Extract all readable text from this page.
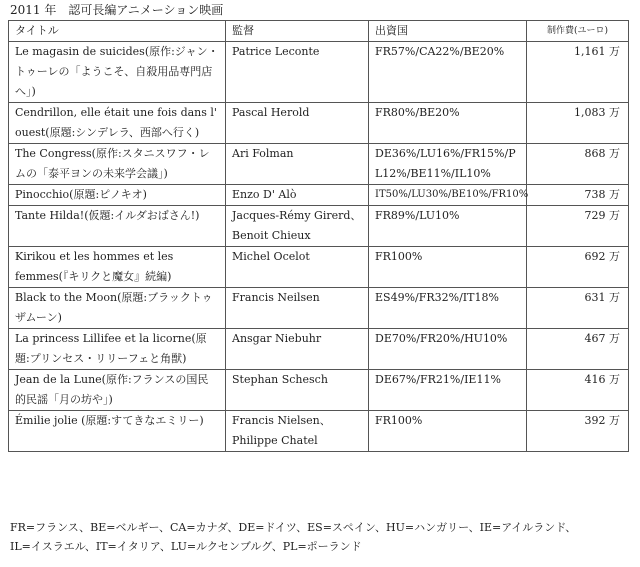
2011 年　認可長編アニメーション映画
タイトル	監督	出資国	制作費(ユーロ)
Le magasin de suicides(原作:ジャン・トゥーレの「ようこそ、自殺用品専門店へ」)	Patrice Leconte	FR57%/CA22%/BE20%	1,161 万
Cendrillon, elle était une fois dans l' ouest(原題:シンデレラ、西部へ行く)	Pascal Herold	FR80%/BE20%	1,083 万
The Congress(原作:スタニスワフ・レムの「泰平ヨンの未来学会議」)	Ari Folman	DE36%/LU16%/FR15%/PL12%/BE11%/IL10%	868 万
Pinocchio(原題:ピノキオ)	Enzo D' Alò	IT50%/LU30%/BE10%/FR10%	738 万
Tante Hilda!(仮題:イルダおばさん!)	Jacques-Rémy Girerd、Benoit Chieux	FR89%/LU10%	729 万
Kirikou et les hommes et les femmes(『キリクと魔女』続編)	Michel Ocelot	FR100%	692 万
Black to the Moon(原題:ブラックトゥザムーン)	Francis Neilsen	ES49%/FR32%/IT18%	631 万
La princess Lillifee et la licorne(原題:プリンセス・リリーフェと角獣)	Ansgar Niebuhr	DE70%/FR20%/HU10%	467 万
Jean de la Lune(原作:フランスの国民的民謡「月の坊や」)	Stephan Schesch	DE67%/FR21%/IE11%	416 万
Émilie jolie (原題:すてきなエミリー)	Francis Nielsen、Philippe Chatel	FR100%	392 万
FR=フランス、BE=ベルギー、CA=カナダ、DE=ドイツ、ES=スペイン、HU=ハンガリー、IE=アイルランド、
IL=イスラエル、IT=イタリア、LU=ルクセンブルグ、PL=ポーランド
